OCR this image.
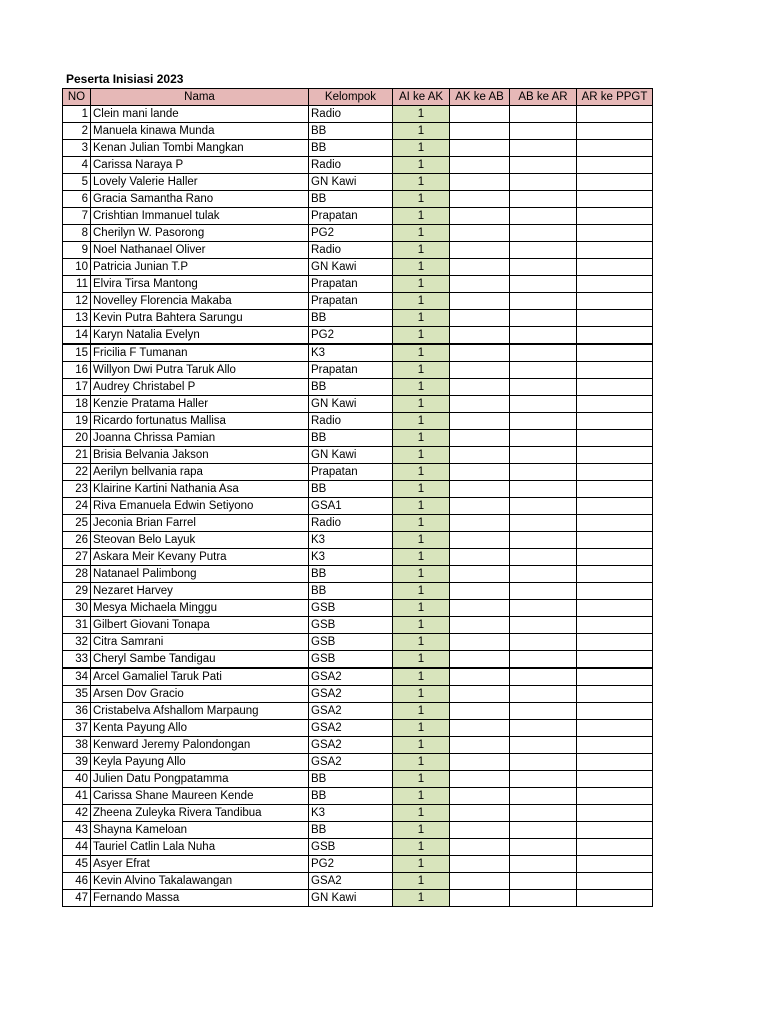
Peserta Inisiasi 2023
NO	Nama	Kelompok	AI ke AK	AK ke AB	AB ke AR	AR ke PPGT
1	Clein mani lande	Radio	1			
2	Manuela kinawa Munda	BB	1			
3	Kenan Julian Tombi Mangkan	BB	1			
4	Carissa Naraya P	Radio	1			
5	Lovely Valerie Haller	GN Kawi	1			
6	Gracia Samantha Rano	BB	1			
7	Crishtian Immanuel tulak	Prapatan	1			
8	Cherilyn W. Pasorong	PG2	1			
9	Noel Nathanael Oliver	Radio	1			
10	Patricia Junian T.P	GN Kawi	1			
11	Elvira Tirsa Mantong	Prapatan	1			
12	Novelley Florencia Makaba	Prapatan	1			
13	Kevin Putra Bahtera Sarungu	BB	1			
14	Karyn Natalia Evelyn	PG2	1			
15	Fricilia F Tumanan	K3	1			
16	Willyon Dwi Putra Taruk Allo	Prapatan	1			
17	Audrey Christabel P	BB	1			
18	Kenzie Pratama Haller	GN Kawi	1			
19	Ricardo fortunatus Mallisa	Radio	1			
20	Joanna Chrissa Pamian	BB	1			
21	Brisia Belvania Jakson	GN Kawi	1			
22	Aerilyn bellvania rapa	Prapatan	1			
23	Klairine Kartini Nathania Asa	BB	1			
24	Riva Emanuela Edwin Setiyono	GSA1	1			
25	Jeconia Brian Farrel	Radio	1			
26	Steovan Belo Layuk	K3	1			
27	Askara Meir Kevany Putra	K3	1			
28	Natanael Palimbong	BB	1			
29	Nezaret Harvey	BB	1			
30	Mesya Michaela Minggu	GSB	1			
31	Gilbert Giovani Tonapa	GSB	1			
32	Citra Samrani	GSB	1			
33	Cheryl Sambe Tandigau	GSB	1			
34	Arcel Gamaliel Taruk Pati	GSA2	1			
35	Arsen Dov Gracio	GSA2	1			
36	Cristabelva Afshallom Marpaung	GSA2	1			
37	Kenta Payung Allo	GSA2	1			
38	Kenward Jeremy Palondongan	GSA2	1			
39	Keyla Payung Allo	GSA2	1			
40	Julien Datu Pongpatamma	BB	1			
41	Carissa Shane Maureen Kende	BB	1			
42	Zheena Zuleyka Rivera Tandibua	K3	1			
43	Shayna Kameloan	BB	1			
44	Tauriel Catlin Lala Nuha	GSB	1			
45	Asyer Efrat	PG2	1			
46	Kevin Alvino Takalawangan	GSA2	1			
47	Fernando Massa	GN Kawi	1			
